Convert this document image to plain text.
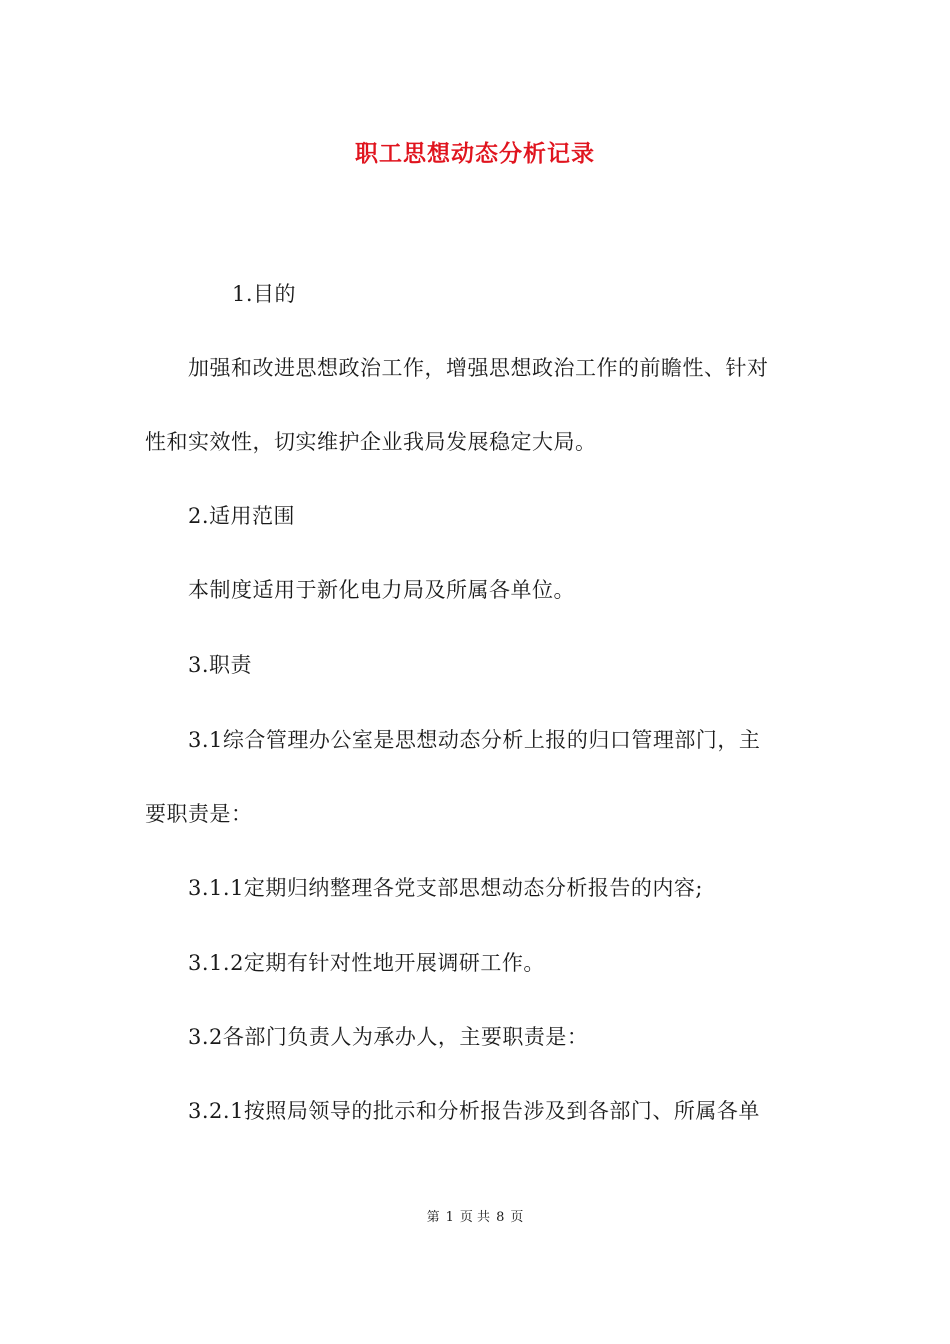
职工思想动态分析记录
1.目的
加强和改进思想政治工作，增强思想政治工作的前瞻性、针对
性和实效性，切实维护企业我局发展稳定大局。
2.适用范围
本制度适用于新化电力局及所属各单位。
3.职责
3.1综合管理办公室是思想动态分析上报的归口管理部门，主
要职责是：
3.1.1定期归纳整理各党支部思想动态分析报告的内容;
3.1.2定期有针对性地开展调研工作。
3.2各部门负责人为承办人，主要职责是：
3.2.1按照局领导的批示和分析报告涉及到各部门、所属各单
第 1 页 共 8 页
